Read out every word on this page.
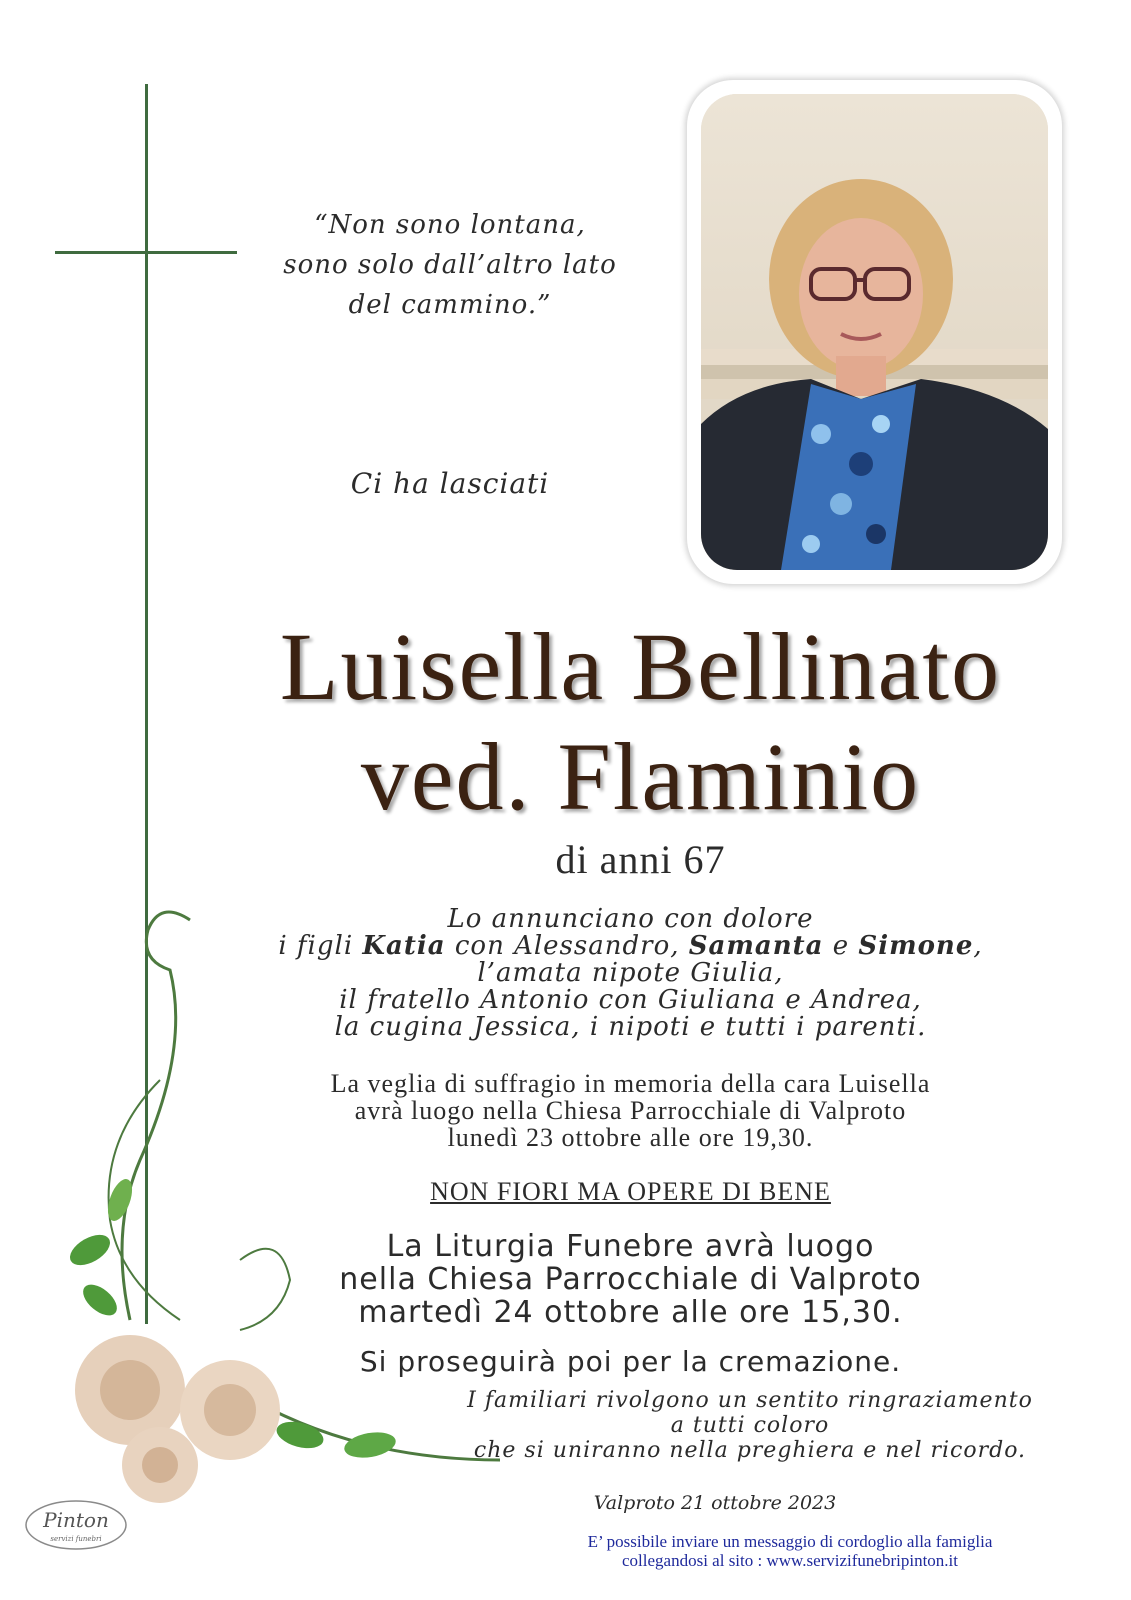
“Non sono lontana,
sono solo dall’altro lato
del cammino.”
Ci ha lasciati
Luisella Bellinato
ved. Flaminio
di anni 67
Lo annunciano con dolore
i figli Katia con Alessandro, Samanta e Simone,
l’amata nipote Giulia,
il fratello Antonio con Giuliana e Andrea,
la cugina Jessica, i nipoti e tutti i parenti.
La veglia di suffragio in memoria della cara Luisella
avrà luogo nella Chiesa Parrocchiale di Valproto
lunedì 23 ottobre alle ore 19,30.
NON FIORI MA OPERE DI BENE
La Liturgia Funebre avrà luogo
nella Chiesa Parrocchiale di Valproto
martedì 24 ottobre alle ore 15,30.
Si proseguirà poi per la cremazione.
I familiari rivolgono un sentito ringraziamento
a tutti coloro
che si uniranno nella preghiera e nel ricordo.
Valproto 21 ottobre 2023
E’ possibile inviare un messaggio di cordoglio alla famiglia
collegandosi al sito : www.servizifunebripinton.it
Pinton
servizi funebri
